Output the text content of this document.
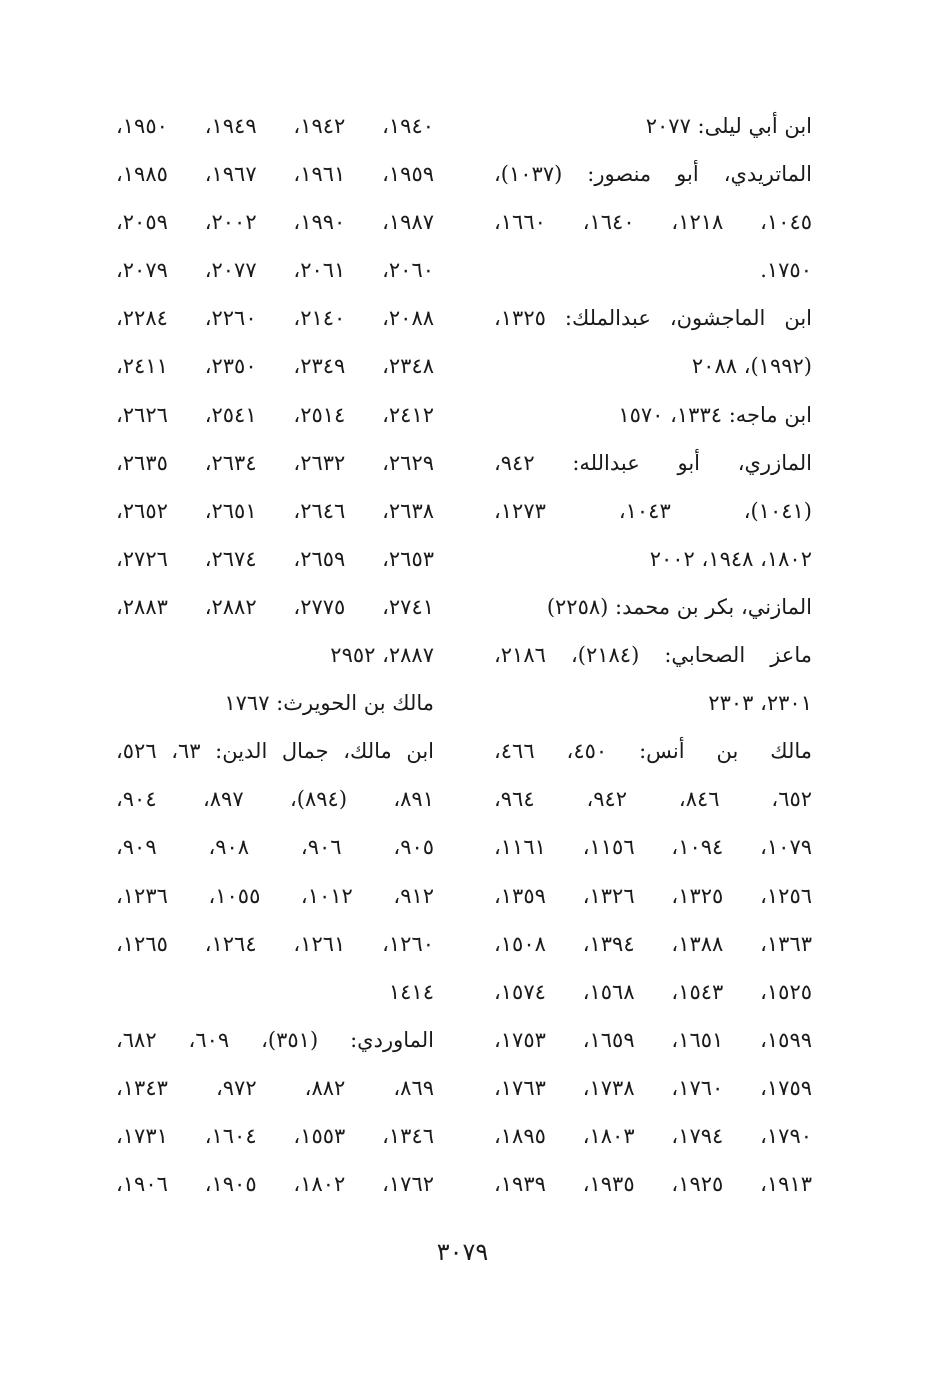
ابن أبي ليلى: ٢٠٧٧
الماتريدي، أبو منصور: (١٠٣٧)،
١٠٤٥، ١٢١٨، ١٦٤٠، ١٦٦٠،
١٧٥٠.
ابن الماجشون، عبدالملك: ١٣٢٥،
(١٩٩٢)، ٢٠٨٨
ابن ماجه: ١٣٣٤، ١٥٧٠
المازري، أبو عبدالله: ٩٤٢،
(١٠٤١)، ١٠٤٣، ١٢٧٣،
١٨٠٢، ١٩٤٨، ٢٠٠٢
المازني، بكر بن محمد: (٢٢٥٨)
ماعز الصحابي: (٢١٨٤)، ٢١٨٦،
٢٣٠١، ٢٣٠٣
مالك بن أنس: ٤٥٠، ٤٦٦،
٦٥٢، ٨٤٦، ٩٤٢، ٩٦٤،
١٠٧٩، ١٠٩٤، ١١٥٦، ١١٦١،
١٢٥٦، ١٣٢٥، ١٣٢٦، ١٣٥٩،
١٣٦٣، ١٣٨٨، ١٣٩٤، ١٥٠٨،
١٥٢٥، ١٥٤٣، ١٥٦٨، ١٥٧٤،
١٥٩٩، ١٦٥١، ١٦٥٩، ١٧٥٣،
١٧٥٩، ١٧٦٠، ١٧٣٨، ١٧٦٣،
١٧٩٠، ١٧٩٤، ١٨٠٣، ١٨٩٥،
١٩١٣، ١٩٢٥، ١٩٣٥، ١٩٣٩،
١٩٤٠، ١٩٤٢، ١٩٤٩، ١٩٥٠،
١٩٥٩، ١٩٦١، ١٩٦٧، ١٩٨٥،
١٩٨٧، ١٩٩٠، ٢٠٠٢، ٢٠٥٩،
٢٠٦٠، ٢٠٦١، ٢٠٧٧، ٢٠٧٩،
٢٠٨٨، ٢١٤٠، ٢٢٦٠، ٢٢٨٤،
٢٣٤٨، ٢٣٤٩، ٢٣٥٠، ٢٤١١،
٢٤١٢، ٢٥١٤، ٢٥٤١، ٢٦٢٦،
٢٦٢٩، ٢٦٣٢، ٢٦٣٤، ٢٦٣٥،
٢٦٣٨، ٢٦٤٦، ٢٦٥١، ٢٦٥٢،
٢٦٥٣، ٢٦٥٩، ٢٦٧٤، ٢٧٢٦،
٢٧٤١، ٢٧٧٥، ٢٨٨٢، ٢٨٨٣،
٢٨٨٧، ٢٩٥٢
مالك بن الحويرث: ١٧٦٧
ابن مالك، جمال الدين: ٦٣، ٥٢٦،
٨٩١، (٨٩٤)، ٨٩٧، ٩٠٤،
٩٠٥، ٩٠٦، ٩٠٨، ٩٠٩،
٩١٢، ١٠١٢، ١٠٥٥، ١٢٣٦،
١٢٦٠، ١٢٦١، ١٢٦٤، ١٢٦٥،
١٤١٤
الماوردي: (٣٥١)، ٦٠٩، ٦٨٢،
٨٦٩، ٨٨٢، ٩٧٢، ١٣٤٣،
١٣٤٦، ١٥٥٣، ١٦٠٤، ١٧٣١،
١٧٦٢، ١٨٠٢، ١٩٠٥، ١٩٠٦،
٣٠٧٩
